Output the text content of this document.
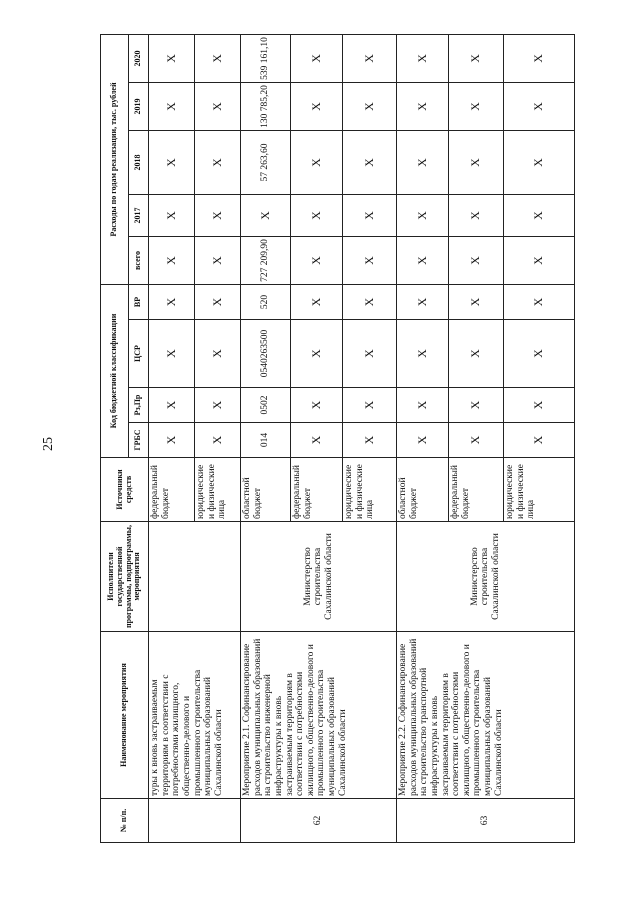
25
№ п/п.	Наименование мероприятия	Исполнители государственной программы, подпрограммы, мероприятия	Источники средств	Код бюджетной классификации				Расходы по годам реализации, тыс. рублей				
				ГРБС	Рз,Пр	ЦСР	ВР	всего	2017	2018	2019	2020
	туры к вновь застраиваемым территориям в соответствии с потребностями жилищного, общественно-делового и промышленного строительства муниципальных образований Сахалинской области		федеральный бюджет	X	X	X	X	X	X	X	X	X
			юридические и физические лица	X	X	X	X	X	X	X	X	X
62	Мероприятие 2.1. Софинансирование расходов муниципальных образований на строительство инженерной инфраструктуры к вновь застраиваемым территориям в соответствии с потребностями жилищного, общественно-делового и промышленного строительства муниципальных образований Сахалинской области	Министерство строительства Сахалинской области	областной бюджет	014	0502	0540263500	520	727 209,90	X	57 263,60	130 785,20	539 161,10
			федеральный бюджет	X	X	X	X	X	X	X	X	X
			юридические и физические лица	X	X	X	X	X	X	X	X	X
63	Мероприятие 2.2. Софинансирование расходов муниципальных образований на строительство транспортной инфраструктуры к вновь застраиваемым территориям в соответствии с потребностями жилищного, общественно-делового и промышленного строительства муниципальных образований Сахалинской области	Министерство строительства Сахалинской области	областной бюджет	X	X	X	X	X	X	X	X	X
			федеральный бюджет	X	X	X	X	X	X	X	X	X
			юридические и физические лица	X	X	X	X	X	X	X	X	X
